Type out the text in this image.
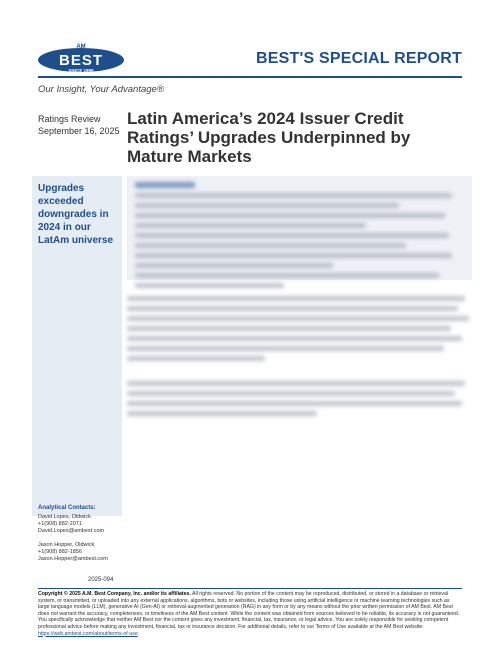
AM
BEST
SINCE 1899
BEST'S SPECIAL REPORT
Our Insight, Your Advantage®
Ratings Review
September 16, 2025
Latin America’s 2024 Issuer Credit Ratings’ Upgrades Underpinned by Mature Markets
Upgrades exceeded downgrades in 2024 in our LatAm universe
Analytical Contacts:
David Lopes, Oldwick
+1(908) 882-2071
David.Lopes@ambest.com
Jason Hopper, Oldwick
+1(908) 882-1856
Jason.Hopper@ambest.com
2025-094
Copyright © 2025 A.M. Best Company, Inc. and/or its affiliates. All rights reserved. No portion of the content may be reproduced, distributed, or stored in a database or retrieval system, or transmitted, or uploaded into any external applications, algorithms, bots or websites, including those using artificial intelligence or machine learning technologies such as large language models (LLM), generative AI (Gen-AI) or retrieval-augmented generation (RAG) in any form or by any means without the prior written permission of AM Best. AM Best does not warrant the accuracy, completeness, or timeliness of the AM Best content. While the content was obtained from sources believed to be reliable, its accuracy is not guaranteed. You specifically acknowledge that neither AM Best nor the content gives any investment, financial, tax, insurance, or legal advice. You are solely responsible for seeking competent professional advice before making any investment, financial, tax or insurance decision. For additional details, refer to our Terms of Use available at the AM Best website: https://web.ambest.com/about/terms-of-use.
